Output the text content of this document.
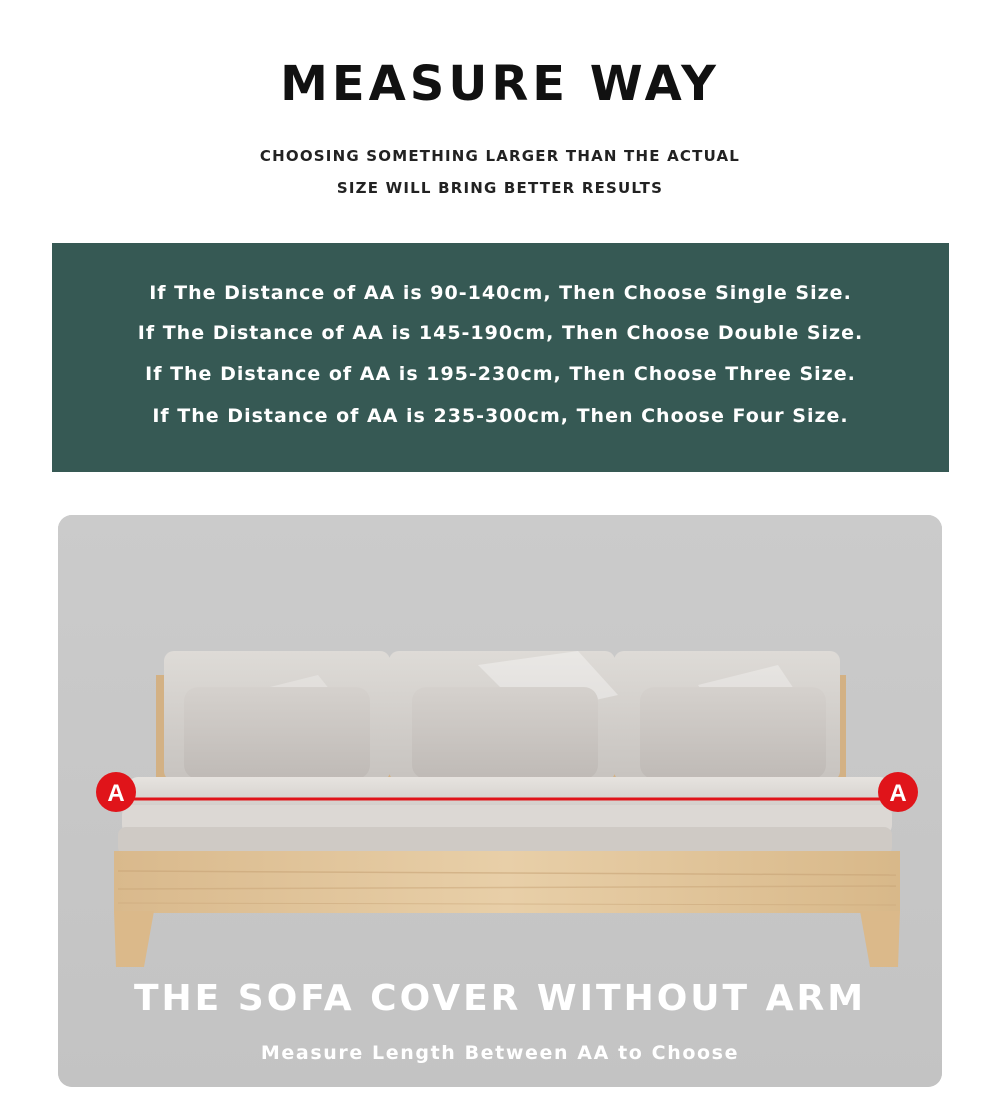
MEASURE WAY
CHOOSING SOMETHING LARGER THAN THE ACTUAL
SIZE WILL BRING BETTER RESULTS
If The Distance of AA is 90-140cm, Then Choose Single Size.
If The Distance of AA is 145-190cm, Then Choose Double Size.
If The Distance of AA is 195-230cm, Then Choose Three Size.
If The Distance of AA is 235-300cm, Then Choose Four Size.
A	A
THE SOFA COVER WITHOUT ARM
Measure Length Between AA to Choose
